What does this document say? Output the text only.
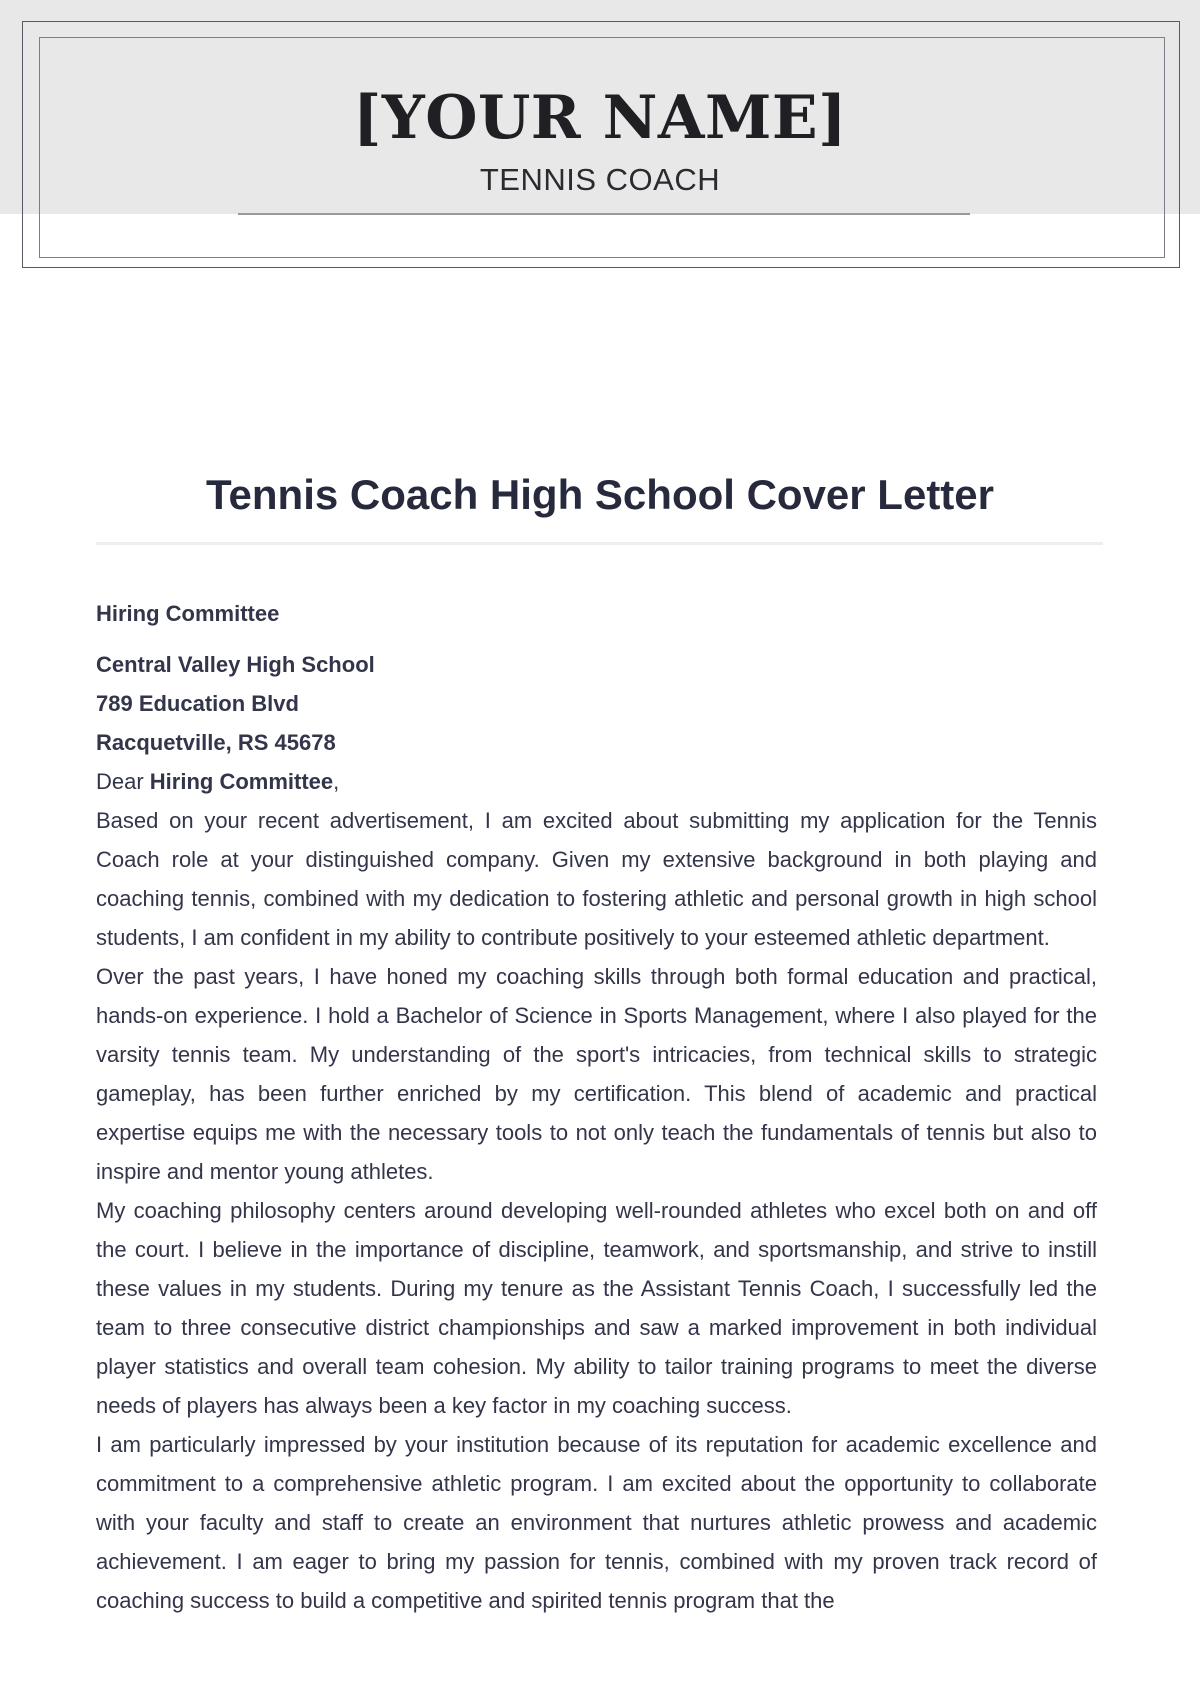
[YOUR NAME]
TENNIS COACH
Tennis Coach High School Cover Letter

Hiring Committee

Central Valley High School

789 Education Blvd

Racquetville, RS 45678

Dear Hiring Committee,

Based on your recent advertisement, I am excited about submitting my application for the Tennis Coach role at your distinguished company. Given my extensive background in both playing and coaching tennis, combined with my dedication to fostering athletic and personal growth in high school students, I am confident in my ability to contribute positively to your esteemed athletic department.

Over the past years, I have honed my coaching skills through both formal education and practical, hands-on experience. I hold a Bachelor of Science in Sports Management, where I also played for the varsity tennis team. My understanding of the sport's intricacies, from technical skills to strategic gameplay, has been further enriched by my certification. This blend of academic and practical expertise equips me with the necessary tools to not only teach the fundamentals of tennis but also to inspire and mentor young athletes.

My coaching philosophy centers around developing well-rounded athletes who excel both on and off the court. I believe in the importance of discipline, teamwork, and sportsmanship, and strive to instill these values in my students. During my tenure as the Assistant Tennis Coach, I successfully led the team to three consecutive district championships and saw a marked improvement in both individual player statistics and overall team cohesion. My ability to tailor training programs to meet the diverse needs of players has always been a key factor in my coaching success.

I am particularly impressed by your institution because of its reputation for academic excellence and commitment to a comprehensive athletic program. I am excited about the opportunity to collaborate with your faculty and staff to create an environment that nurtures athletic prowess and academic achievement. I am eager to bring my passion for tennis, combined with my proven track record of coaching success to build a competitive and spirited tennis program that the
